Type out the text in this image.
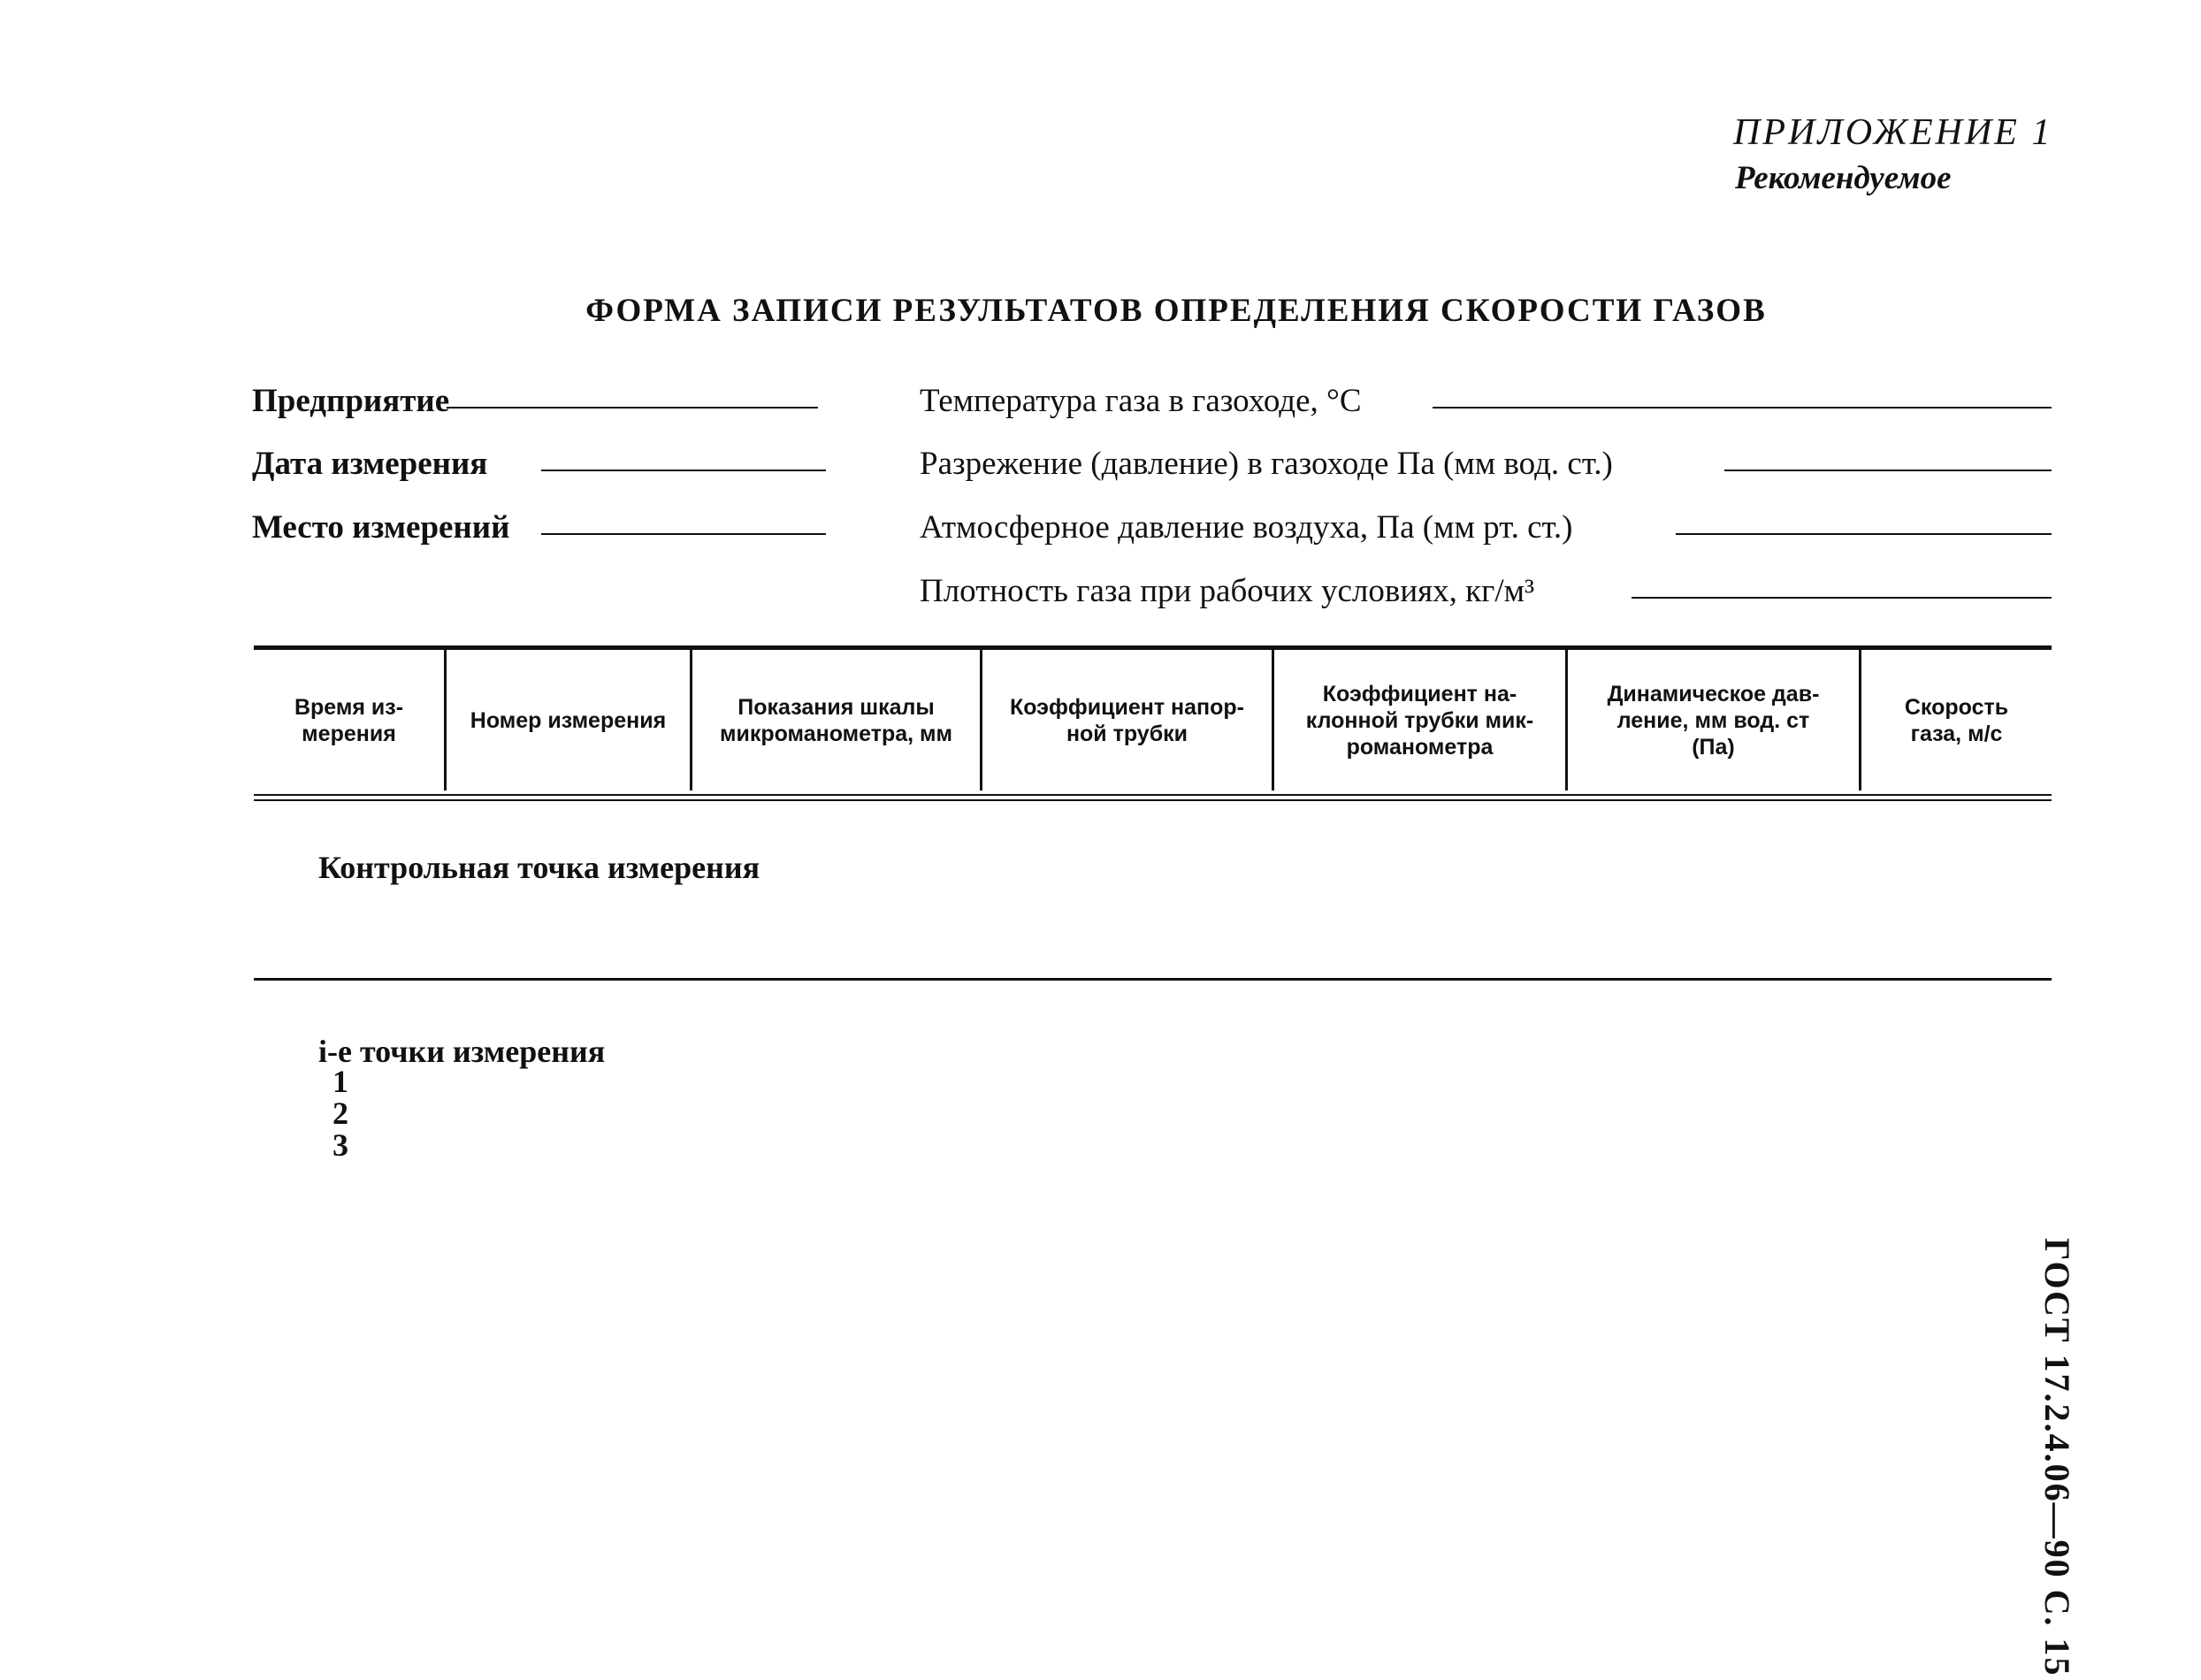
ПРИЛОЖЕНИЕ 1
Рекомендуемое
ФОРМА ЗАПИСИ РЕЗУЛЬТАТОВ ОПРЕДЕЛЕНИЯ СКОРОСТИ ГАЗОВ
Предприятие
Дата измерения
Место измерений
Температура газа в газоходе, °С
Разрежение (давление) в газоходе Па (мм вод. ст.)
Атмосферное давление воздуха, Па (мм рт. ст.)
Плотность газа при рабочих условиях, кг/м³
Время из-
мерения
Номер измерения
Показания шкалы
микроманометра, мм
Коэффициент напор-
ной трубки
Коэффициент на-
клонной трубки мик-
романометра
Динамическое дав-
ление, мм вод. ст
(Па)
Скорость
газа, м/с
Контрольная точка измерения
i-е точки измерения
1
2
3
ГОСТ 17.2.4.06—90 С. 15
